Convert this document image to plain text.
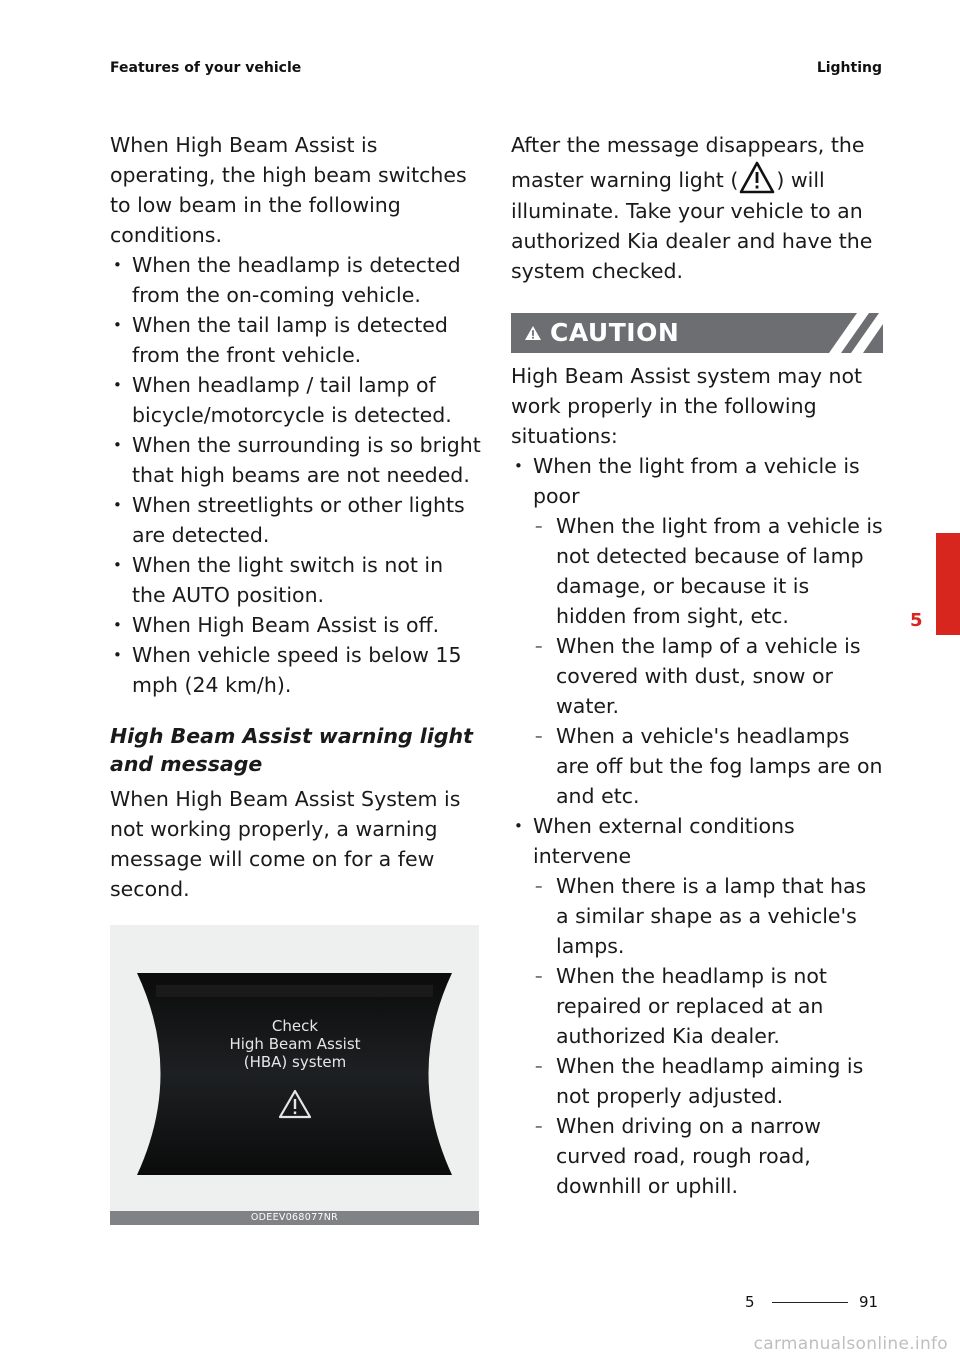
Features of your vehicle	Lighting

When High Beam Assist is operating, the high beam switches to low beam in the following conditions.

• When the headlamp is detected from the on-coming vehicle.
• When the tail lamp is detected from the front vehicle.
• When headlamp / tail lamp of bicycle/motorcycle is detected.
• When the surrounding is so bright that high beams are not needed.
• When streetlights or other lights are detected.
• When the light switch is not in the AUTO position.
• When High Beam Assist is off.
• When vehicle speed is below 15 mph (24 km/h).
High Beam Assist warning light and message

When High Beam Assist System is not working properly, a warning message will come on for a few second.

Check
High Beam Assist
(HBA) system
ODEEV068077NR

After the message disappears, the master warning light ( ) will illuminate. Take your vehicle to an authorized Kia dealer and have the system checked.

CAUTION

High Beam Assist system may not work properly in the following situations:

• When the light from a vehicle is poor
– When the light from a vehicle is not detected because of lamp damage, or because it is hidden from sight, etc.
– When the lamp of a vehicle is covered with dust, snow or water.
– When a vehicle's headlamps are off but the fog lamps are on and etc.
• When external conditions intervene
– When there is a lamp that has a similar shape as a vehicle's lamps.
– When the headlamp is not repaired or replaced at an authorized Kia dealer.
– When the headlamp aiming is not properly adjusted.
– When driving on a narrow curved road, rough road, downhill or uphill.
5
5	91
carmanualsonline.info
